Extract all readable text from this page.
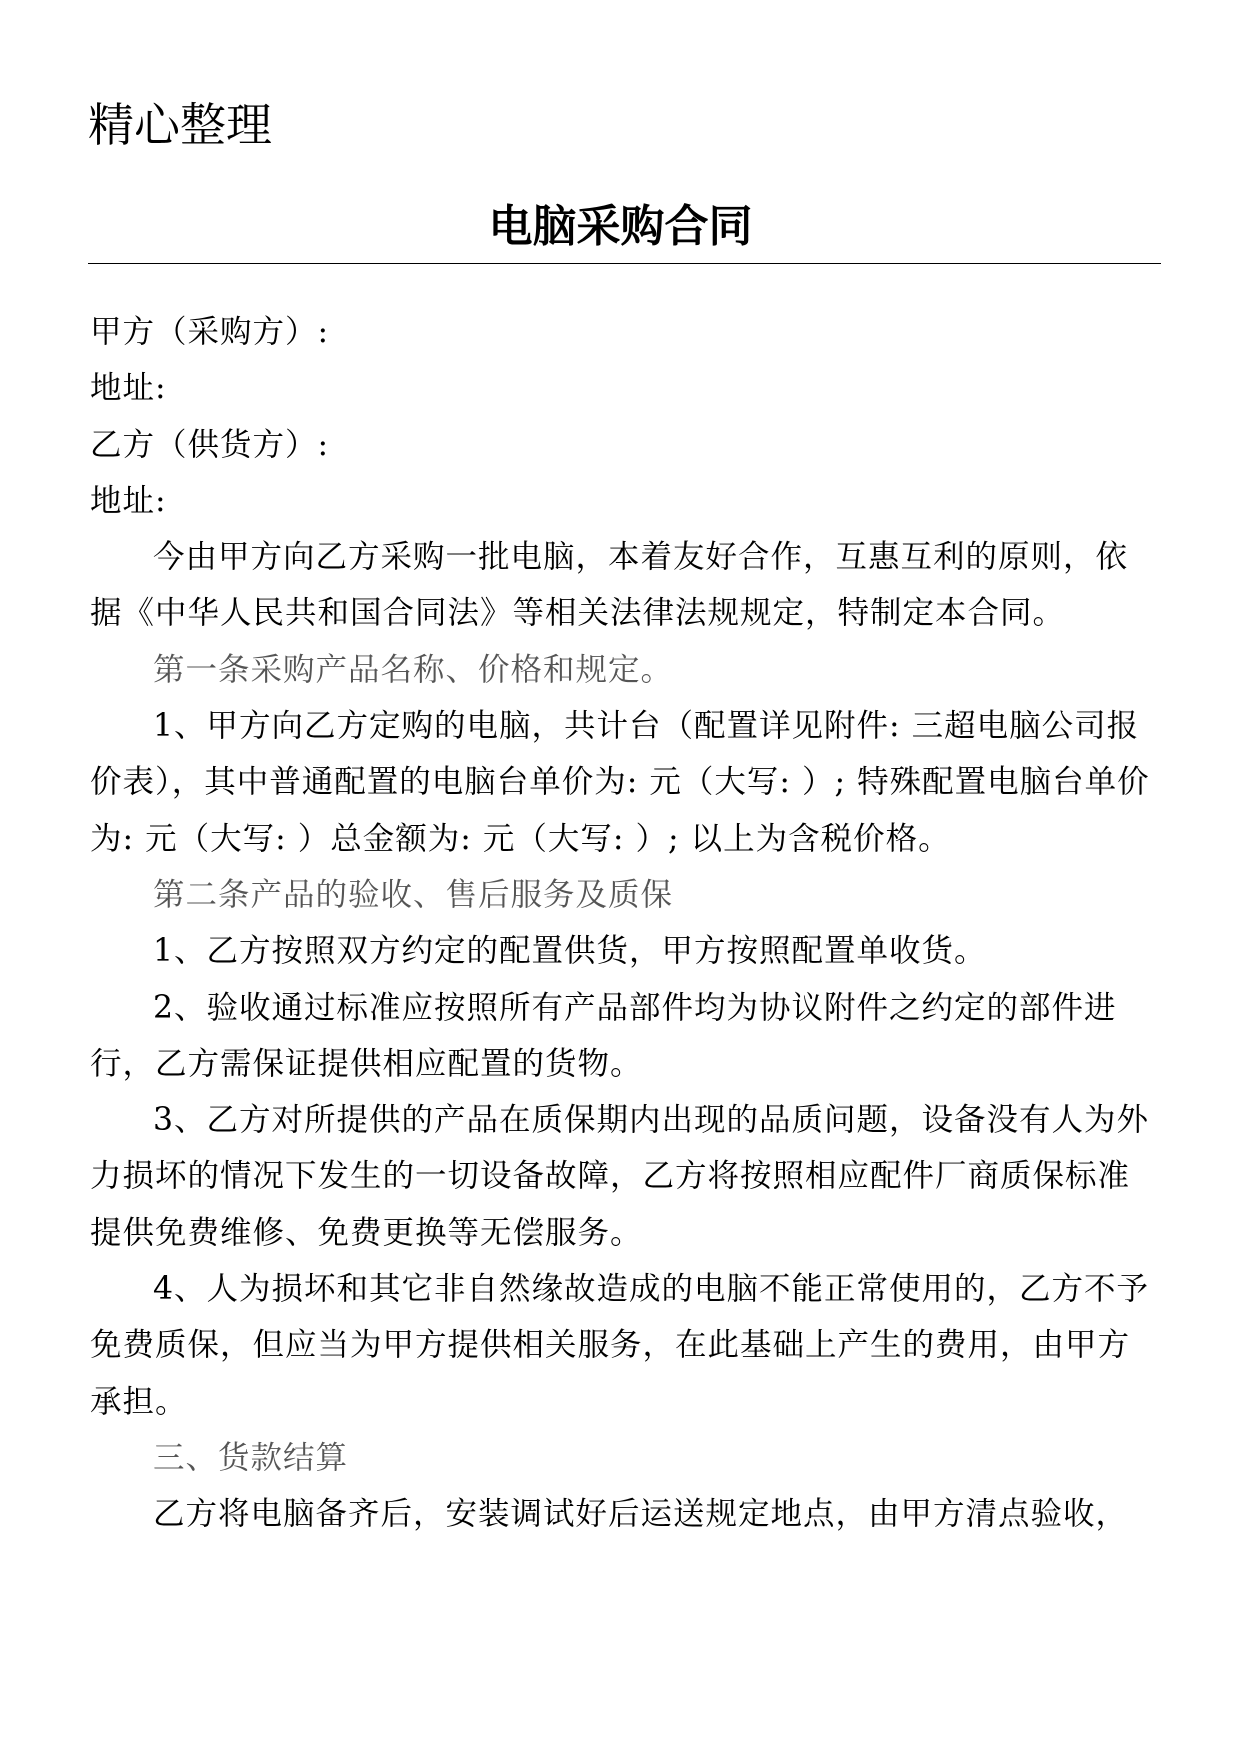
精心整理
电脑采购合同

甲方（采购方）:

地址:

乙方（供货方）:

地址:

今由甲方向乙方采购一批电脑，本着友好合作，互惠互利的原则，依据《中华人民共和国合同法》等相关法律法规规定，特制定本合同。

第一条采购产品名称、价格和规定。

1、甲方向乙方定购的电脑，共计台（配置详见附件: 三超电脑公司报价表），其中普通配置的电脑台单价为: 元（大写: ）; 特殊配置电脑台单价为: 元（大写: ）总金额为: 元（大写: ）; 以上为含税价格。

第二条产品的验收、售后服务及质保

1、乙方按照双方约定的配置供货，甲方按照配置单收货。

2、验收通过标准应按照所有产品部件均为协议附件之约定的部件进行，乙方需保证提供相应配置的货物。

3、乙方对所提供的产品在质保期内出现的品质问题，设备没有人为外力损坏的情况下发生的一切设备故障，乙方将按照相应配件厂商质保标准提供免费维修、免费更换等无偿服务。

4、人为损坏和其它非自然缘故造成的电脑不能正常使用的，乙方不予免费质保，但应当为甲方提供相关服务，在此基础上产生的费用，由甲方承担。

三、货款结算

乙方将电脑备齐后，安装调试好后运送规定地点，由甲方清点验收，
